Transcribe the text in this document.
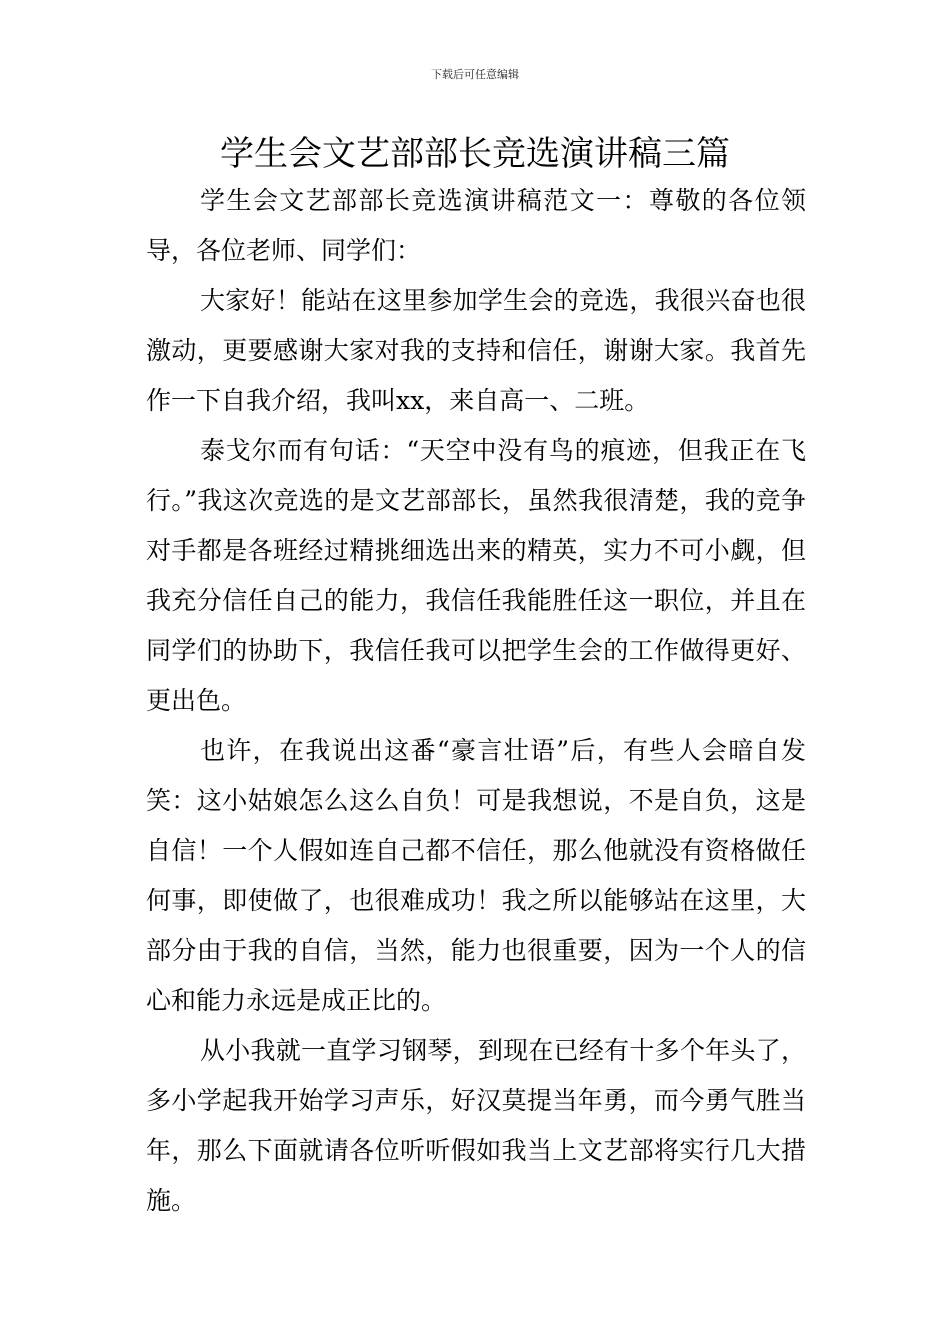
下载后可任意编辑
学生会文艺部部长竞选演讲稿三篇

学生会文艺部部长竞选演讲稿范文一：尊敬的各位领导，各位老师、同学们：

大家好！能站在这里参加学生会的竞选，我很兴奋也很激动，更要感谢大家对我的支持和信任，谢谢大家。我首先作一下自我介绍，我叫xx，来自高一、二班。

泰戈尔而有句话：“天空中没有鸟的痕迹，但我正在飞行。”我这次竞选的是文艺部部长，虽然我很清楚，我的竞争对手都是各班经过精挑细选出来的精英，实力不可小觑，但我充分信任自己的能力，我信任我能胜任这一职位，并且在同学们的协助下，我信任我可以把学生会的工作做得更好、更出色。

也许，在我说出这番“豪言壮语”后，有些人会暗自发笑：这小姑娘怎么这么自负！可是我想说，不是自负，这是自信！一个人假如连自己都不信任，那么他就没有资格做任何事，即使做了，也很难成功！我之所以能够站在这里，大部分由于我的自信，当然，能力也很重要，因为一个人的信心和能力永远是成正比的。

从小我就一直学习钢琴，到现在已经有十多个年头了，多小学起我开始学习声乐，好汉莫提当年勇，而今勇气胜当年，那么下面就请各位听听假如我当上文艺部将实行几大措施。
